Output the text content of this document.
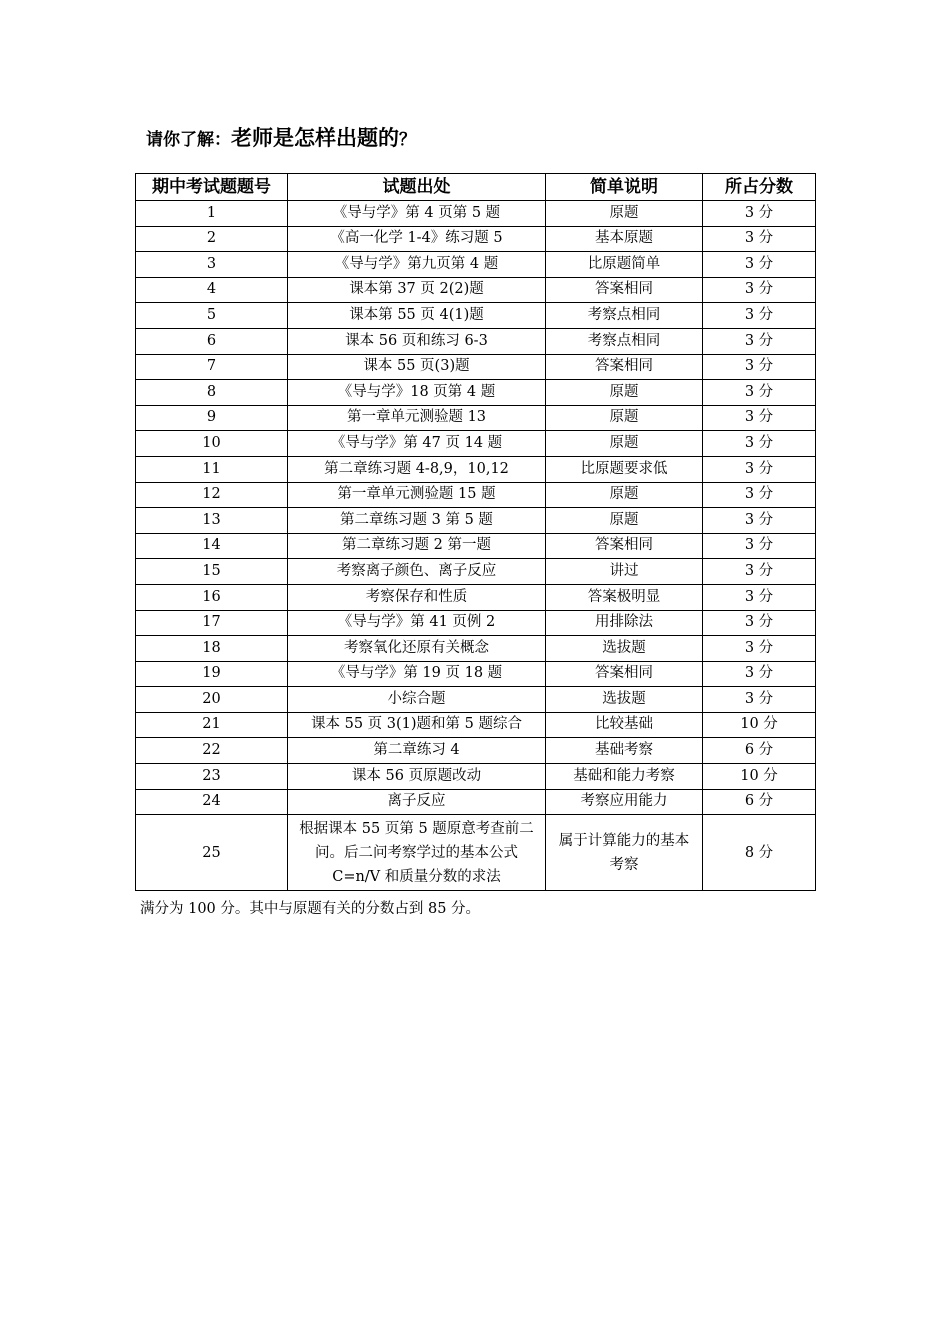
请你了解：老师是怎样出题的？
期中考试题题号	试题出处	简单说明	所占分数
1	《导与学》第 4 页第 5 题	原题	3 分
2	《高一化学 1-4》练习题 5	基本原题	3 分
3	《导与学》第九页第 4 题	比原题简单	3 分
4	课本第 37 页 2(2)题	答案相同	3 分
5	课本第 55 页 4(1)题	考察点相同	3 分
6	课本 56 页和练习 6-3	考察点相同	3 分
7	课本 55 页(3)题	答案相同	3 分
8	《导与学》18 页第 4 题	原题	3 分
9	第一章单元测验题 13	原题	3 分
10	《导与学》第 47 页 14 题	原题	3 分
11	第二章练习题 4-8,9，10,12	比原题要求低	3 分
12	第一章单元测验题 15 题	原题	3 分
13	第二章练习题 3 第 5 题	原题	3 分
14	第二章练习题 2 第一题	答案相同	3 分
15	考察离子颜色、离子反应	讲过	3 分
16	考察保存和性质	答案极明显	3 分
17	《导与学》第 41 页例 2	用排除法	3 分
18	考察氧化还原有关概念	选拔题	3 分
19	《导与学》第 19 页 18 题	答案相同	3 分
20	小综合题	选拔题	3 分
21	课本 55 页 3(1)题和第 5 题综合	比较基础	10 分
22	第二章练习 4	基础考察	6 分
23	课本 56 页原题改动	基础和能力考察	10 分
24	离子反应	考察应用能力	6 分
25	根据课本 55 页第 5 题原意考查前二问。后二问考察学过的基本公式 C=n/V 和质量分数的求法	属于计算能力的基本考察	8 分
满分为 100 分。其中与原题有关的分数占到 85 分。
